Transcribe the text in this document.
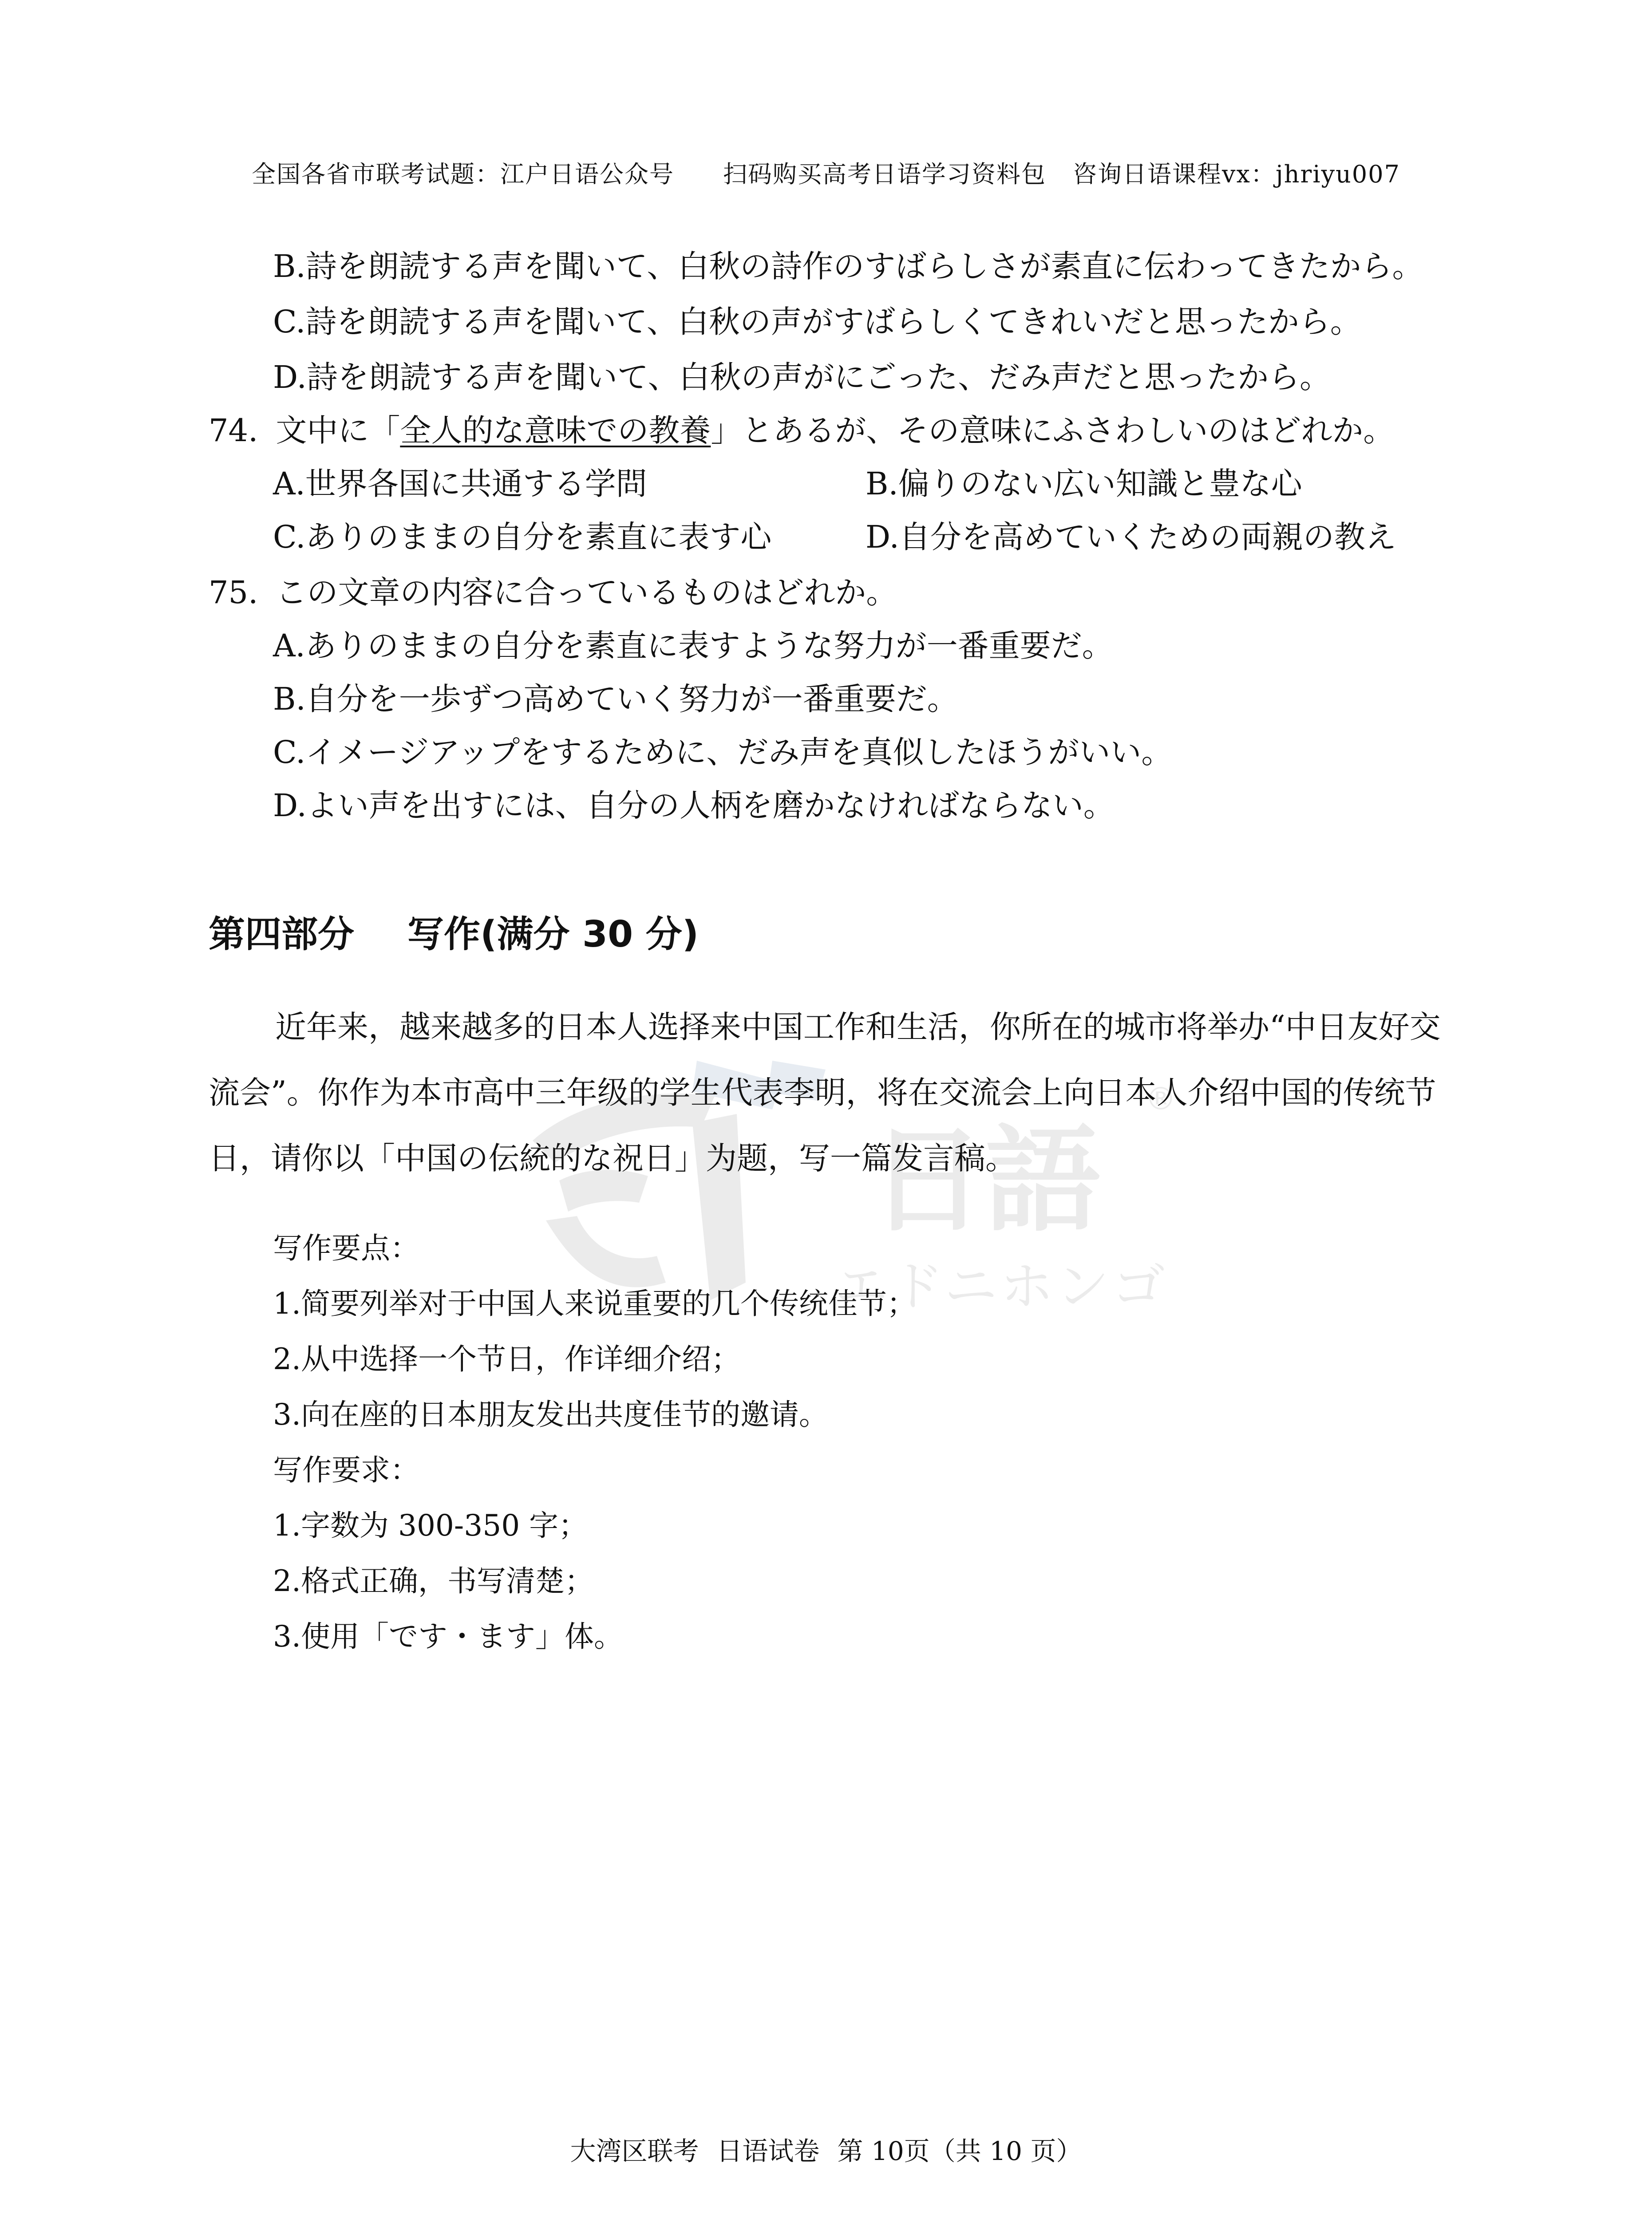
全国各省市联考试题：江户日语公众号 扫码购买高考日语学习资料包 咨询日语课程vx：jhriyu007
B.詩を朗読する声を聞いて、白秋の詩作のすばらしさが素直に伝わってきたから。
C.詩を朗読する声を聞いて、白秋の声がすばらしくてきれいだと思ったから。
D.詩を朗読する声を聞いて、白秋の声がにごった、だみ声だと思ったから。
74. 文中に「全人的な意味での教養」とあるが、その意味にふさわしいのはどれか。
A.世界各国に共通する学問	B.偏りのない広い知識と豊な心
C.ありのままの自分を素直に表す心	D.自分を高めていくための両親の教え
75. この文章の内容に合っているものはどれか。
A.ありのままの自分を素直に表すような努力が一番重要だ。
B.自分を一歩ずつ高めていく努力が一番重要だ。
C.イメージアップをするために、だみ声を真似したほうがいい。
D.よい声を出すには、自分の人柄を磨かなければならない。
日語
®
エドニホンゴ
第四部分 写作(满分 30 分)
近年来，越来越多的日本人选择来中国工作和生活，你所在的城市将举办“中日友好交流会”。你作为本市高中三年级的学生代表李明，将在交流会上向日本人介绍中国的传统节日，请你以「中国の伝統的な祝日」为题，写一篇发言稿。
写作要点：
1.简要列举对于中国人来说重要的几个传统佳节；
2.从中选择一个节日，作详细介绍；
3.向在座的日本朋友发出共度佳节的邀请。
写作要求：
1.字数为 300-350 字；
2.格式正确，书写清楚；
3.使用「です・ます」体。
大湾区联考 日语试卷 第 10页（共 10 页）
